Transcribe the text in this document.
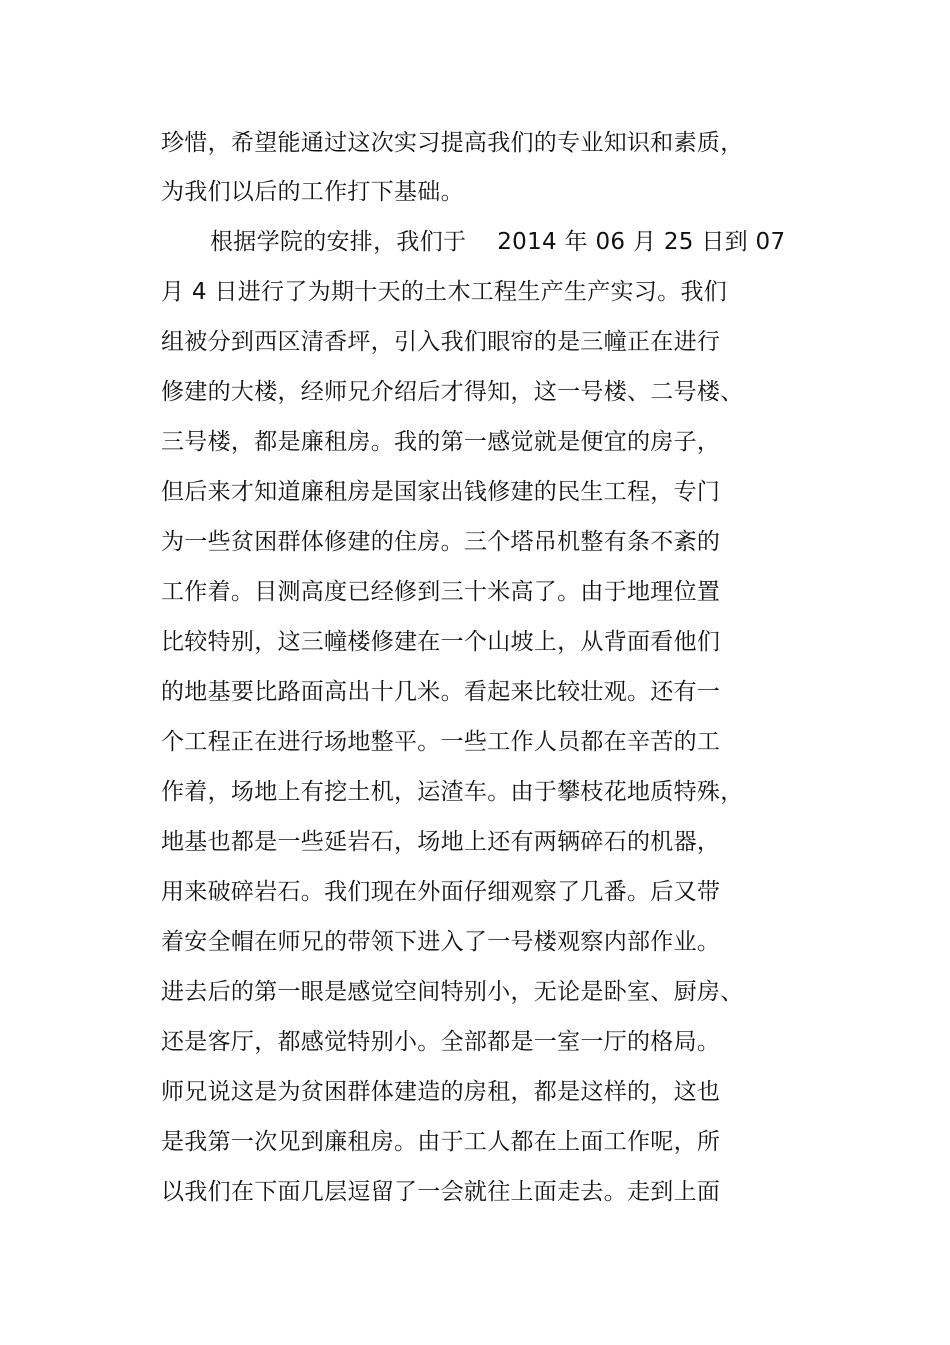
珍惜，希望能通过这次实习提高我们的专业知识和素质，
为我们以后的工作打下基础。
根据学院的安排，我们于　 2014 年 06 月 25 日到 07
月 4 日进行了为期十天的土木工程生产生产实习。我们
组被分到西区清香坪，引入我们眼帘的是三幢正在进行
修建的大楼，经师兄介绍后才得知，这一号楼、二号楼、
三号楼，都是廉租房。我的第一感觉就是便宜的房子，
但后来才知道廉租房是国家出钱修建的民生工程，专门
为一些贫困群体修建的住房。三个塔吊机整有条不紊的
工作着。目测高度已经修到三十米高了。由于地理位置
比较特别，这三幢楼修建在一个山坡上，从背面看他们
的地基要比路面高出十几米。看起来比较壮观。还有一
个工程正在进行场地整平。一些工作人员都在辛苦的工
作着，场地上有挖土机，运渣车。由于攀枝花地质特殊，
地基也都是一些延岩石，场地上还有两辆碎石的机器，
用来破碎岩石。我们现在外面仔细观察了几番。后又带
着安全帽在师兄的带领下进入了一号楼观察内部作业。
进去后的第一眼是感觉空间特别小，无论是卧室、厨房、
还是客厅，都感觉特别小。全部都是一室一厅的格局。
师兄说这是为贫困群体建造的房租，都是这样的，这也
是我第一次见到廉租房。由于工人都在上面工作呢，所
以我们在下面几层逗留了一会就往上面走去。走到上面
